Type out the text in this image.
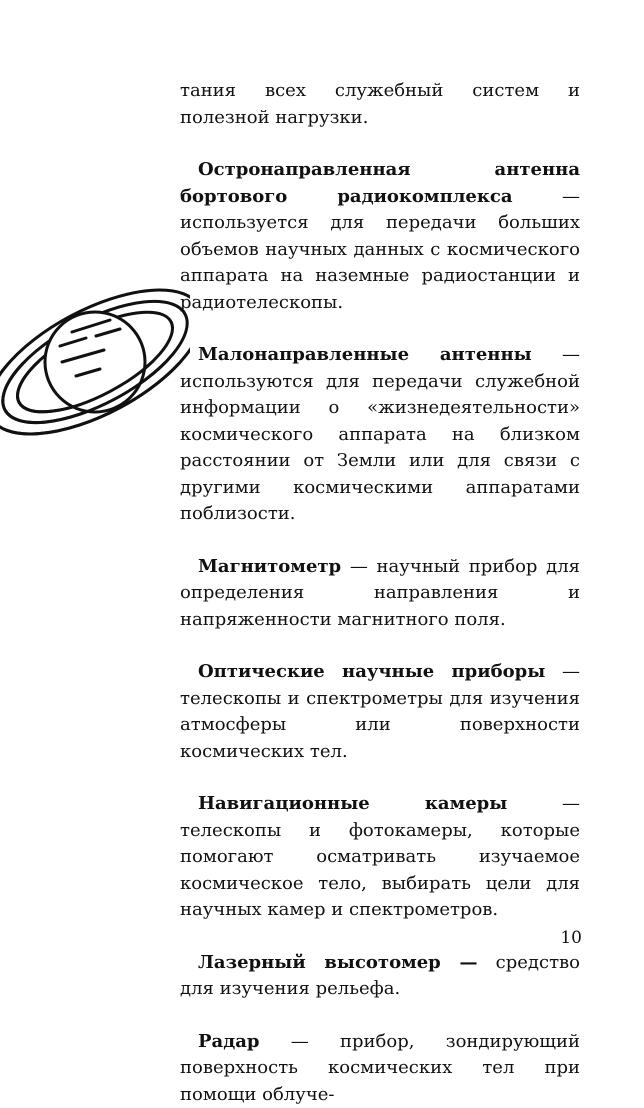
тания всех служебный систем и полезной нагрузки.

Остронаправленная антенна бортового радиокомплекса — используется для передачи больших объемов научных данных с космического аппарата на наземные радиостанции и радиотелескопы.

Малонаправленные антенны — используются для передачи служебной информации о «жизнедеятельности» космического аппарата на близком расстоянии от Земли или для связи с другими космическими аппаратами поблизости.

Магнитометр — научный прибор для определения направления и напряженности магнитного поля.

Оптические научные приборы — телескопы и спектрометры для изучения атмосферы или поверхности космических тел.

Навигационные камеры — телескопы и фотокамеры, которые помогают осматривать изучаемое космическое тело, выбирать цели для научных камер и спектрометров.

Лазерный высотомер — средство для изучения рельефа.

Радар — прибор, зондирующий поверхность космических тел при помощи облуче-

10
